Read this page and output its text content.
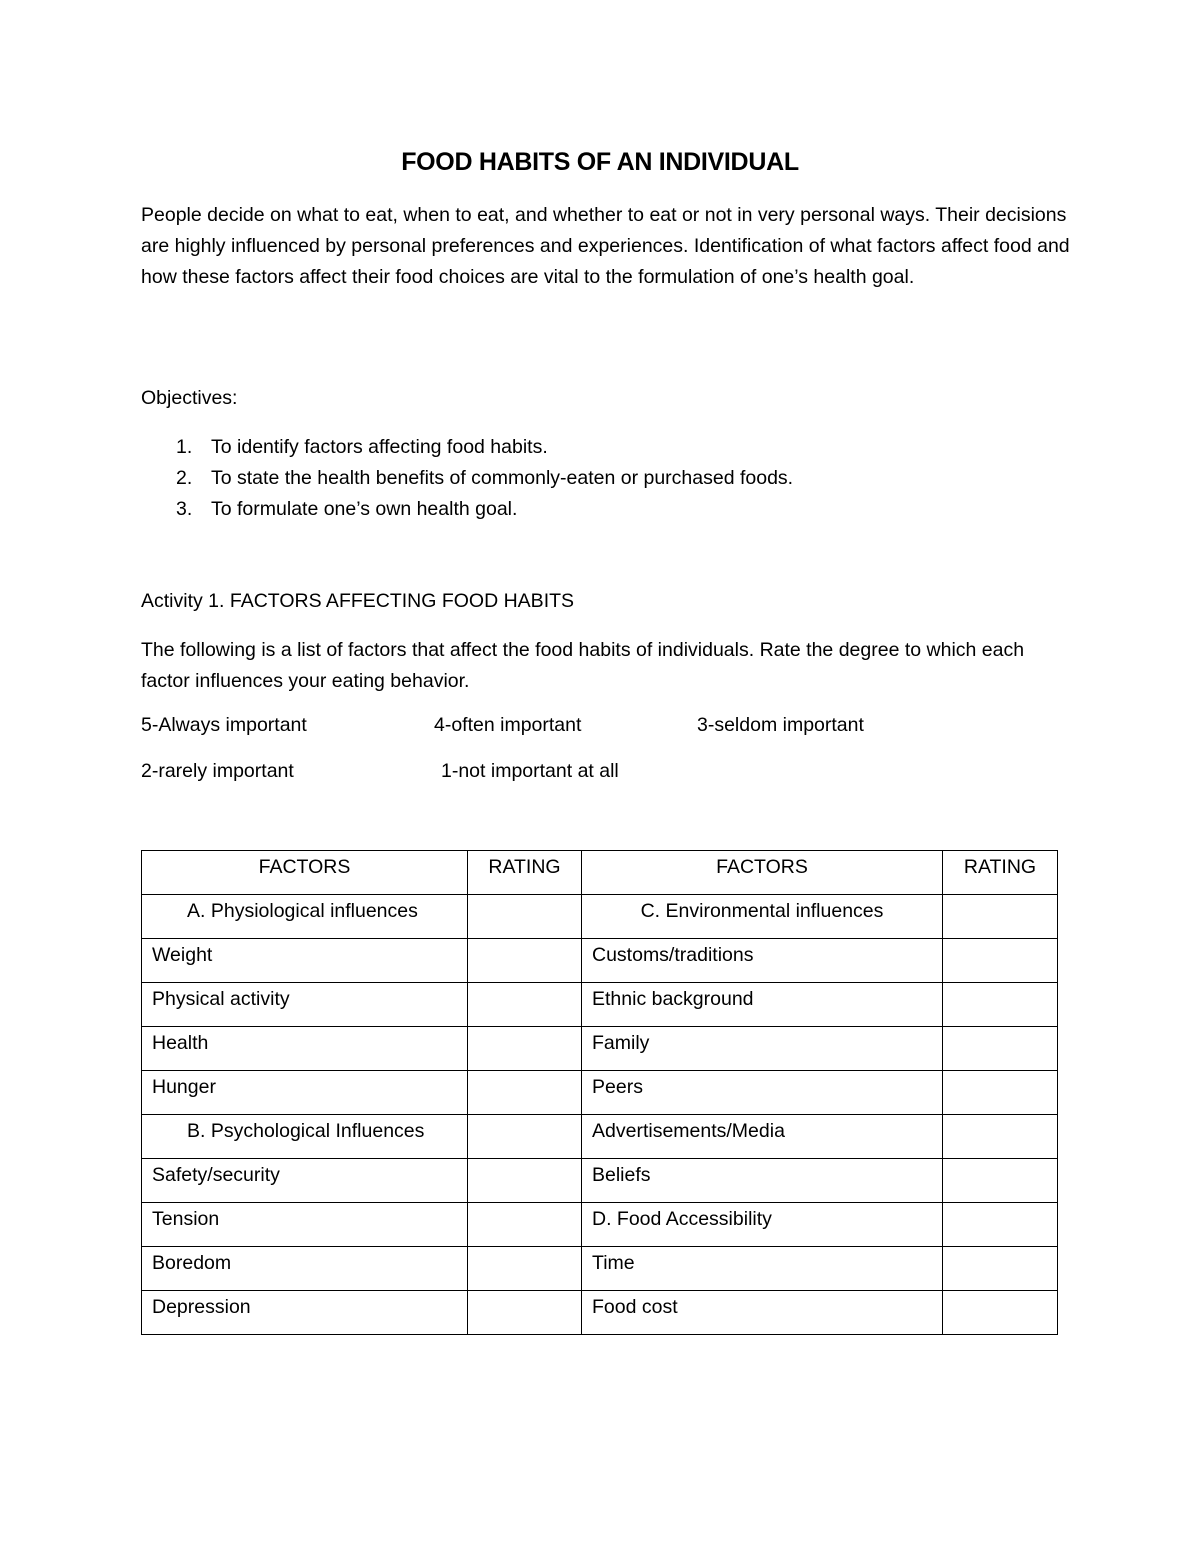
FOOD HABITS OF AN INDIVIDUAL

People decide on what to eat, when to eat, and whether to eat or not in very personal ways. Their decisions are highly influenced by personal preferences and experiences. Identification of what factors affect food and how these factors affect their food choices are vital to the formulation of one’s health goal.

Objectives:

1. To identify factors affecting food habits.
2. To state the health benefits of commonly-eaten or purchased foods.
3. To formulate one’s own health goal.

Activity 1. FACTORS AFFECTING FOOD HABITS

The following is a list of factors that affect the food habits of individuals. Rate the degree to which each factor influences your eating behavior.

5-Always important	4-often important	3-seldom important
2-rarely important	1-not important at all
FACTORS	RATING	FACTORS	RATING
A. Physiological influences		C. Environmental influences	
Weight		Customs/traditions	
Physical activity		Ethnic background	
Health		Family	
Hunger		Peers	
B. Psychological Influences		Advertisements/Media	
Safety/security		Beliefs	
Tension		D. Food Accessibility	
Boredom		Time	
Depression		Food cost	
